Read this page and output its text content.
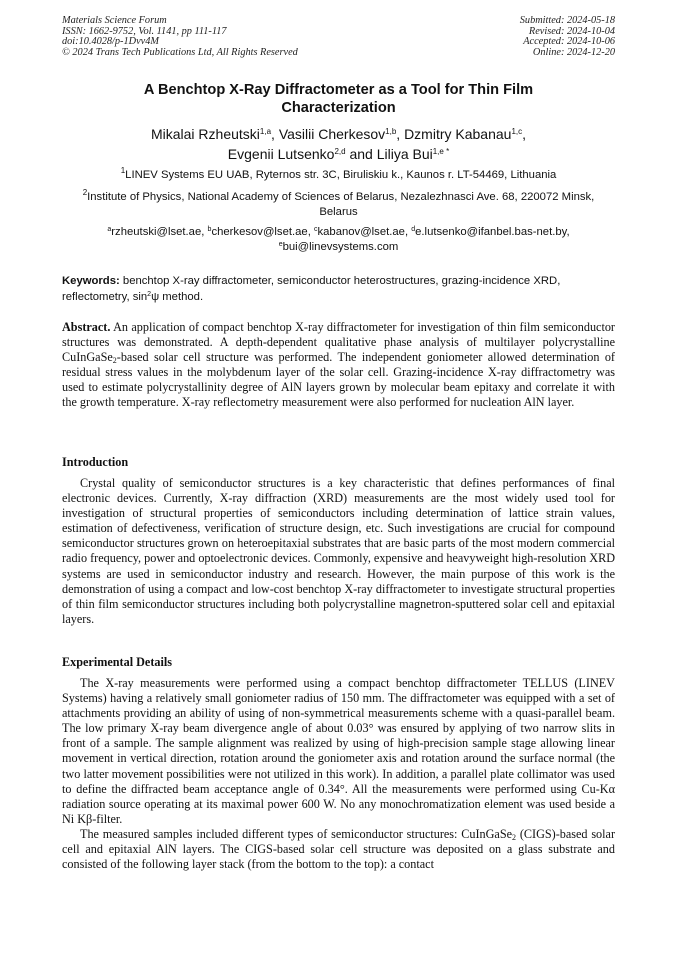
Materials Science Forum
ISSN: 1662-9752, Vol. 1141, pp 111-117
doi:10.4028/p-1Dvv4M
© 2024 Trans Tech Publications Ltd, All Rights Reserved
Submitted: 2024-05-18
Revised: 2024-10-04
Accepted: 2024-10-06
Online: 2024-12-20
A Benchtop X-Ray Diffractometer as a Tool for Thin Film
Characterization
Mikalai Rzheutski$^{1,a}$, Vasilii Cherkesov$^{1,b}$, Dzmitry Kabanau$^{1,c}$,
Evgenii Lutsenko$^{2,d}$ and Liliya Bui$^{1,e *}$
$^1$LINEV Systems EU UAB, Ryternos str. 3C, Biruliskiu k., Kaunos r. LT-54469, Lithuania
$^2$Institute of Physics, National Academy of Sciences of Belarus, Nezalezhnasci Ave. 68, 220072 Minsk, Belarus
$^a$rzheutski@lset.ae, $^b$cherkesov@lset.ae, $^c$kabanov@lset.ae, $^d$e.lutsenko@ifanbel.bas-net.by,
$^e$bui@linevsystems.com
Keywords: benchtop X-ray diffractometer, semiconductor heterostructures, grazing-incidence XRD, reflectometry, $\sin^2\psi$ method.
Abstract. An application of compact benchtop X-ray diffractometer for investigation of thin film semiconductor structures was demonstrated. A depth-dependent qualitative phase analysis of multilayer polycrystalline CuInGaSe$_2$-based solar cell structure was performed. The independent goniometer allowed determination of residual stress values in the molybdenum layer of the solar cell. Grazing-incidence X-ray diffractometry was used to estimate polycrystallinity degree of AlN layers grown by molecular beam epitaxy and correlate it with the growth temperature. X-ray reflectometry measurement were also performed for nucleation AlN layer.
Introduction

Crystal quality of semiconductor structures is a key characteristic that defines performances of final electronic devices. Currently, X-ray diffraction (XRD) measurements are the most widely used tool for investigation of structural properties of semiconductors including determination of lattice strain values, estimation of defectiveness, verification of structure design, etc. Such investigations are crucial for compound semiconductor structures grown on heteroepitaxial substrates that are basic parts of the most modern commercial radio frequency, power and optoelectronic devices. Commonly, expensive and heavyweight high-resolution XRD systems are used in semiconductor industry and research. However, the main purpose of this work is the demonstration of using a compact and low-cost benchtop X-ray diffractometer to investigate structural properties of thin film semiconductor structures including both polycrystalline magnetron-sputtered solar cell and epitaxial layers.

Experimental Details

The X-ray measurements were performed using a compact benchtop diffractometer TELLUS (LINEV Systems) having a relatively small goniometer radius of 150 mm. The diffractometer was equipped with a set of attachments providing an ability of using of non-symmetrical measurements scheme with a quasi-parallel beam. The low primary X-ray beam divergence angle of about 0.03° was ensured by applying of two narrow slits in front of a sample. The sample alignment was realized by using of high-precision sample stage allowing linear movement in vertical direction, rotation around the goniometer axis and rotation around the surface normal (the two latter movement possibilities were not utilized in this work). In addition, a parallel plate collimator was used to define the diffracted beam acceptance angle of 0.34°. All the measurements were performed using Cu-Kα radiation source operating at its maximal power 600 W. No any monochromatization element was used beside a Ni Kβ-filter.

The measured samples included different types of semiconductor structures: CuInGaSe$_2$ (CIGS)-based solar cell and epitaxial AlN layers. The CIGS-based solar cell structure was deposited on a glass substrate and consisted of the following layer stack (from the bottom to the top): a contact
